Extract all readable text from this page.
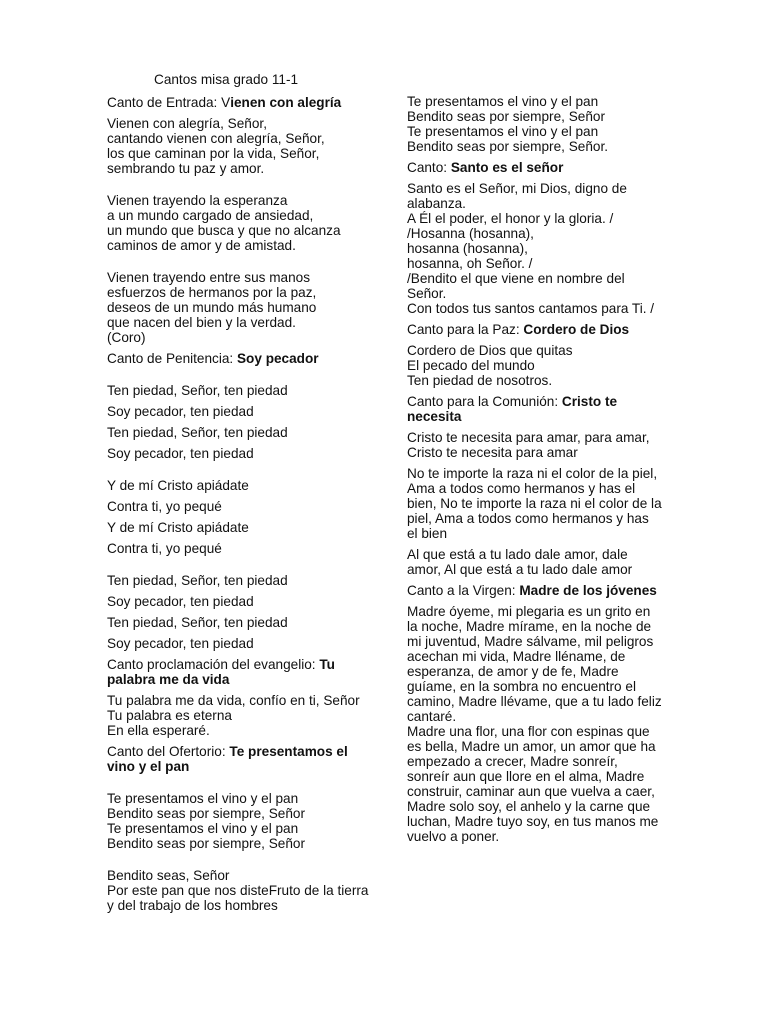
Cantos misa grado 11-1

Canto de Entrada: Vienen con alegría

Vienen con alegría, Señor,

cantando vienen con alegría, Señor,

los que caminan por la vida, Señor,

sembrando tu paz y amor.

Vienen trayendo la esperanza

a un mundo cargado de ansiedad,

un mundo que busca y que no alcanza

caminos de amor y de amistad.

Vienen trayendo entre sus manos

esfuerzos de hermanos por la paz,

deseos de un mundo más humano

que nacen del bien y la verdad.

(Coro)

Canto de Penitencia: Soy pecador

Ten piedad, Señor, ten piedad

Soy pecador, ten piedad

Ten piedad, Señor, ten piedad

Soy pecador, ten piedad

Y de mí Cristo apiádate

Contra ti, yo pequé

Y de mí Cristo apiádate

Contra ti, yo pequé

Ten piedad, Señor, ten piedad

Soy pecador, ten piedad

Ten piedad, Señor, ten piedad

Soy pecador, ten piedad

Canto proclamación del evangelio: Tu palabra me da vida

Tu palabra me da vida, confío en ti, Señor

Tu palabra es eterna

En ella esperaré.

Canto del Ofertorio: Te presentamos el vino y el pan

Te presentamos el vino y el pan

Bendito seas por siempre, Señor

Te presentamos el vino y el pan

Bendito seas por siempre, Señor

Bendito seas, Señor

Por este pan que nos disteFruto de la tierra y del trabajo de los hombres

Te presentamos el vino y el pan

Bendito seas por siempre, Señor

Te presentamos el vino y el pan

Bendito seas por siempre, Señor.

Canto: Santo es el señor

Santo es el Señor, mi Dios, digno de alabanza.

A Él el poder, el honor y la gloria. /

/Hosanna (hosanna),

hosanna (hosanna),

hosanna, oh Señor. /

/Bendito el que viene en nombre del Señor.

Con todos tus santos cantamos para Ti. /

Canto para la Paz: Cordero de Dios

Cordero de Dios que quitas

El pecado del mundo

Ten piedad de nosotros.

Canto para la Comunión: Cristo te necesita

Cristo te necesita para amar, para amar, Cristo te necesita para amar

No te importe la raza ni el color de la piel, Ama a todos como hermanos y has el bien, No te importe la raza ni el color de la piel, Ama a todos como hermanos y has el bien

Al que está a tu lado dale amor, dale amor, Al que está a tu lado dale amor

Canto a la Virgen: Madre de los jóvenes

Madre óyeme, mi plegaria es un grito en la noche, Madre mírame, en la noche de mi juventud, Madre sálvame, mil peligros acechan mi vida, Madre lléname, de esperanza, de amor y de fe, Madre guíame, en la sombra no encuentro el camino, Madre llévame, que a tu lado feliz cantaré.

Madre una flor, una flor con espinas que es bella, Madre un amor, un amor que ha empezado a crecer, Madre sonreír, sonreír aun que llore en el alma, Madre construir, caminar aun que vuelva a caer, Madre solo soy, el anhelo y la carne que luchan, Madre tuyo soy, en tus manos me vuelvo a poner.
